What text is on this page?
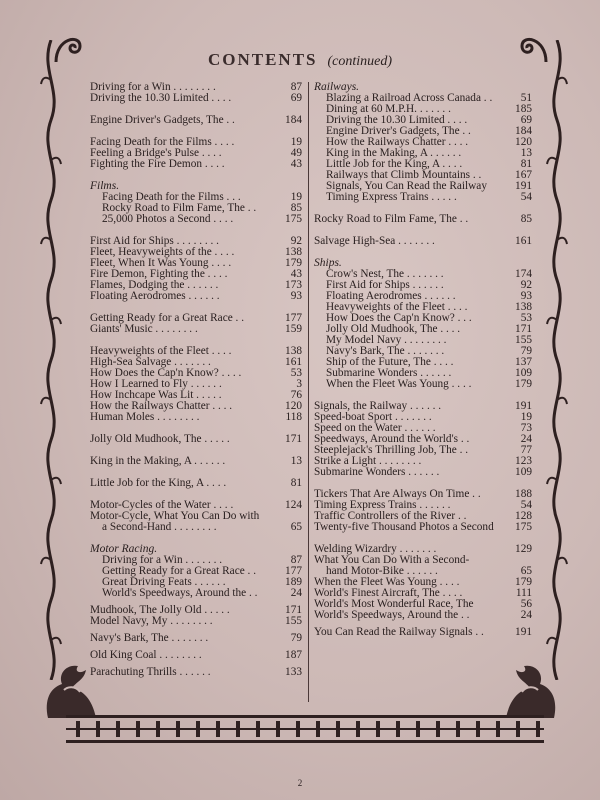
CONTENTS (continued)
Driving for a Win . . . . . . . .	87
Driving the 10.30 Limited . . . .	69
Engine Driver's Gadgets, The . .	184
Facing Death for the Films . . . .	19
Feeling a Bridge's Pulse . . . .	49
Fighting the Fire Demon . . . .	43
Films.
Facing Death for the Films . . .	19
Rocky Road to Film Fame, The . .	85
25,000 Photos a Second . . . .	175
First Aid for Ships . . . . . . . .	92
Fleet, Heavyweights of the . . . .	138
Fleet, When It Was Young . . . .	179
Fire Demon, Fighting the . . . .	43
Flames, Dodging the . . . . . .	173
Floating Aerodromes . . . . . .	93
Getting Ready for a Great Race . .	177
Giants' Music . . . . . . . .	159
Heavyweights of the Fleet . . . .	138
High-Sea Salvage . . . . . . .	161
How Does the Cap'n Know? . . . .	53
How I Learned to Fly . . . . . .	3
How Inchcape Was Lit . . . . .	76
How the Railways Chatter . . . .	120
Human Moles . . . . . . . .	118
Jolly Old Mudhook, The . . . . .	171
King in the Making, A . . . . . .	13
Little Job for the King, A . . . .	81
Motor-Cycles of the Water . . . .	124
Motor-Cycle, What You Can Do with
a Second-Hand . . . . . . . .	65
Motor Racing.
Driving for a Win . . . . . . .	87
Getting Ready for a Great Race . .	177
Great Driving Feats . . . . . .	189
World's Speedways, Around the . .	24
Mudhook, The Jolly Old . . . . .	171
Model Navy, My . . . . . . . .	155
Navy's Bark, The . . . . . . .	79
Old King Coal . . . . . . . .	187
Parachuting Thrills . . . . . .	133
Railways.
Blazing a Railroad Across Canada . .	51
Dining at 60 M.P.H. . . . . . .	185
Driving the 10.30 Limited . . . .	69
Engine Driver's Gadgets, The . .	184
How the Railways Chatter . . . .	120
King in the Making, A . . . . . .	13
Little Job for the King, A . . . .	81
Railways that Climb Mountains . .	167
Signals, You Can Read the Railway	191
Timing Express Trains . . . . .	54
Rocky Road to Film Fame, The . .	85
Salvage High-Sea . . . . . . .	161
Ships.
Crow's Nest, The . . . . . . .	174
First Aid for Ships . . . . . .	92
Floating Aerodromes . . . . . .	93
Heavyweights of the Fleet . . . .	138
How Does the Cap'n Know? . . .	53
Jolly Old Mudhook, The . . . .	171
My Model Navy . . . . . . . .	155
Navy's Bark, The . . . . . . .	79
Ship of the Future, The . . . .	137
Submarine Wonders . . . . . .	109
When the Fleet Was Young . . . .	179
Signals, the Railway . . . . . .	191
Speed-boat Sport . . . . . . .	19
Speed on the Water . . . . . .	73
Speedways, Around the World's . .	24
Steeplejack's Thrilling Job, The . .	77
Strike a Light . . . . . . . .	123
Submarine Wonders . . . . . .	109
Tickers That Are Always On Time . .	188
Timing Express Trains . . . . . .	54
Traffic Controllers of the River . .	128
Twenty-five Thousand Photos a Second	175
Welding Wizardry . . . . . . .	129
What You Can Do With a Second-
hand Motor-Bike . . . . . .	65
When the Fleet Was Young . . . .	179
World's Finest Aircraft, The . . . .	111
World's Most Wonderful Race, The	56
World's Speedways, Around the . .	24
You Can Read the Railway Signals . .	191
2
